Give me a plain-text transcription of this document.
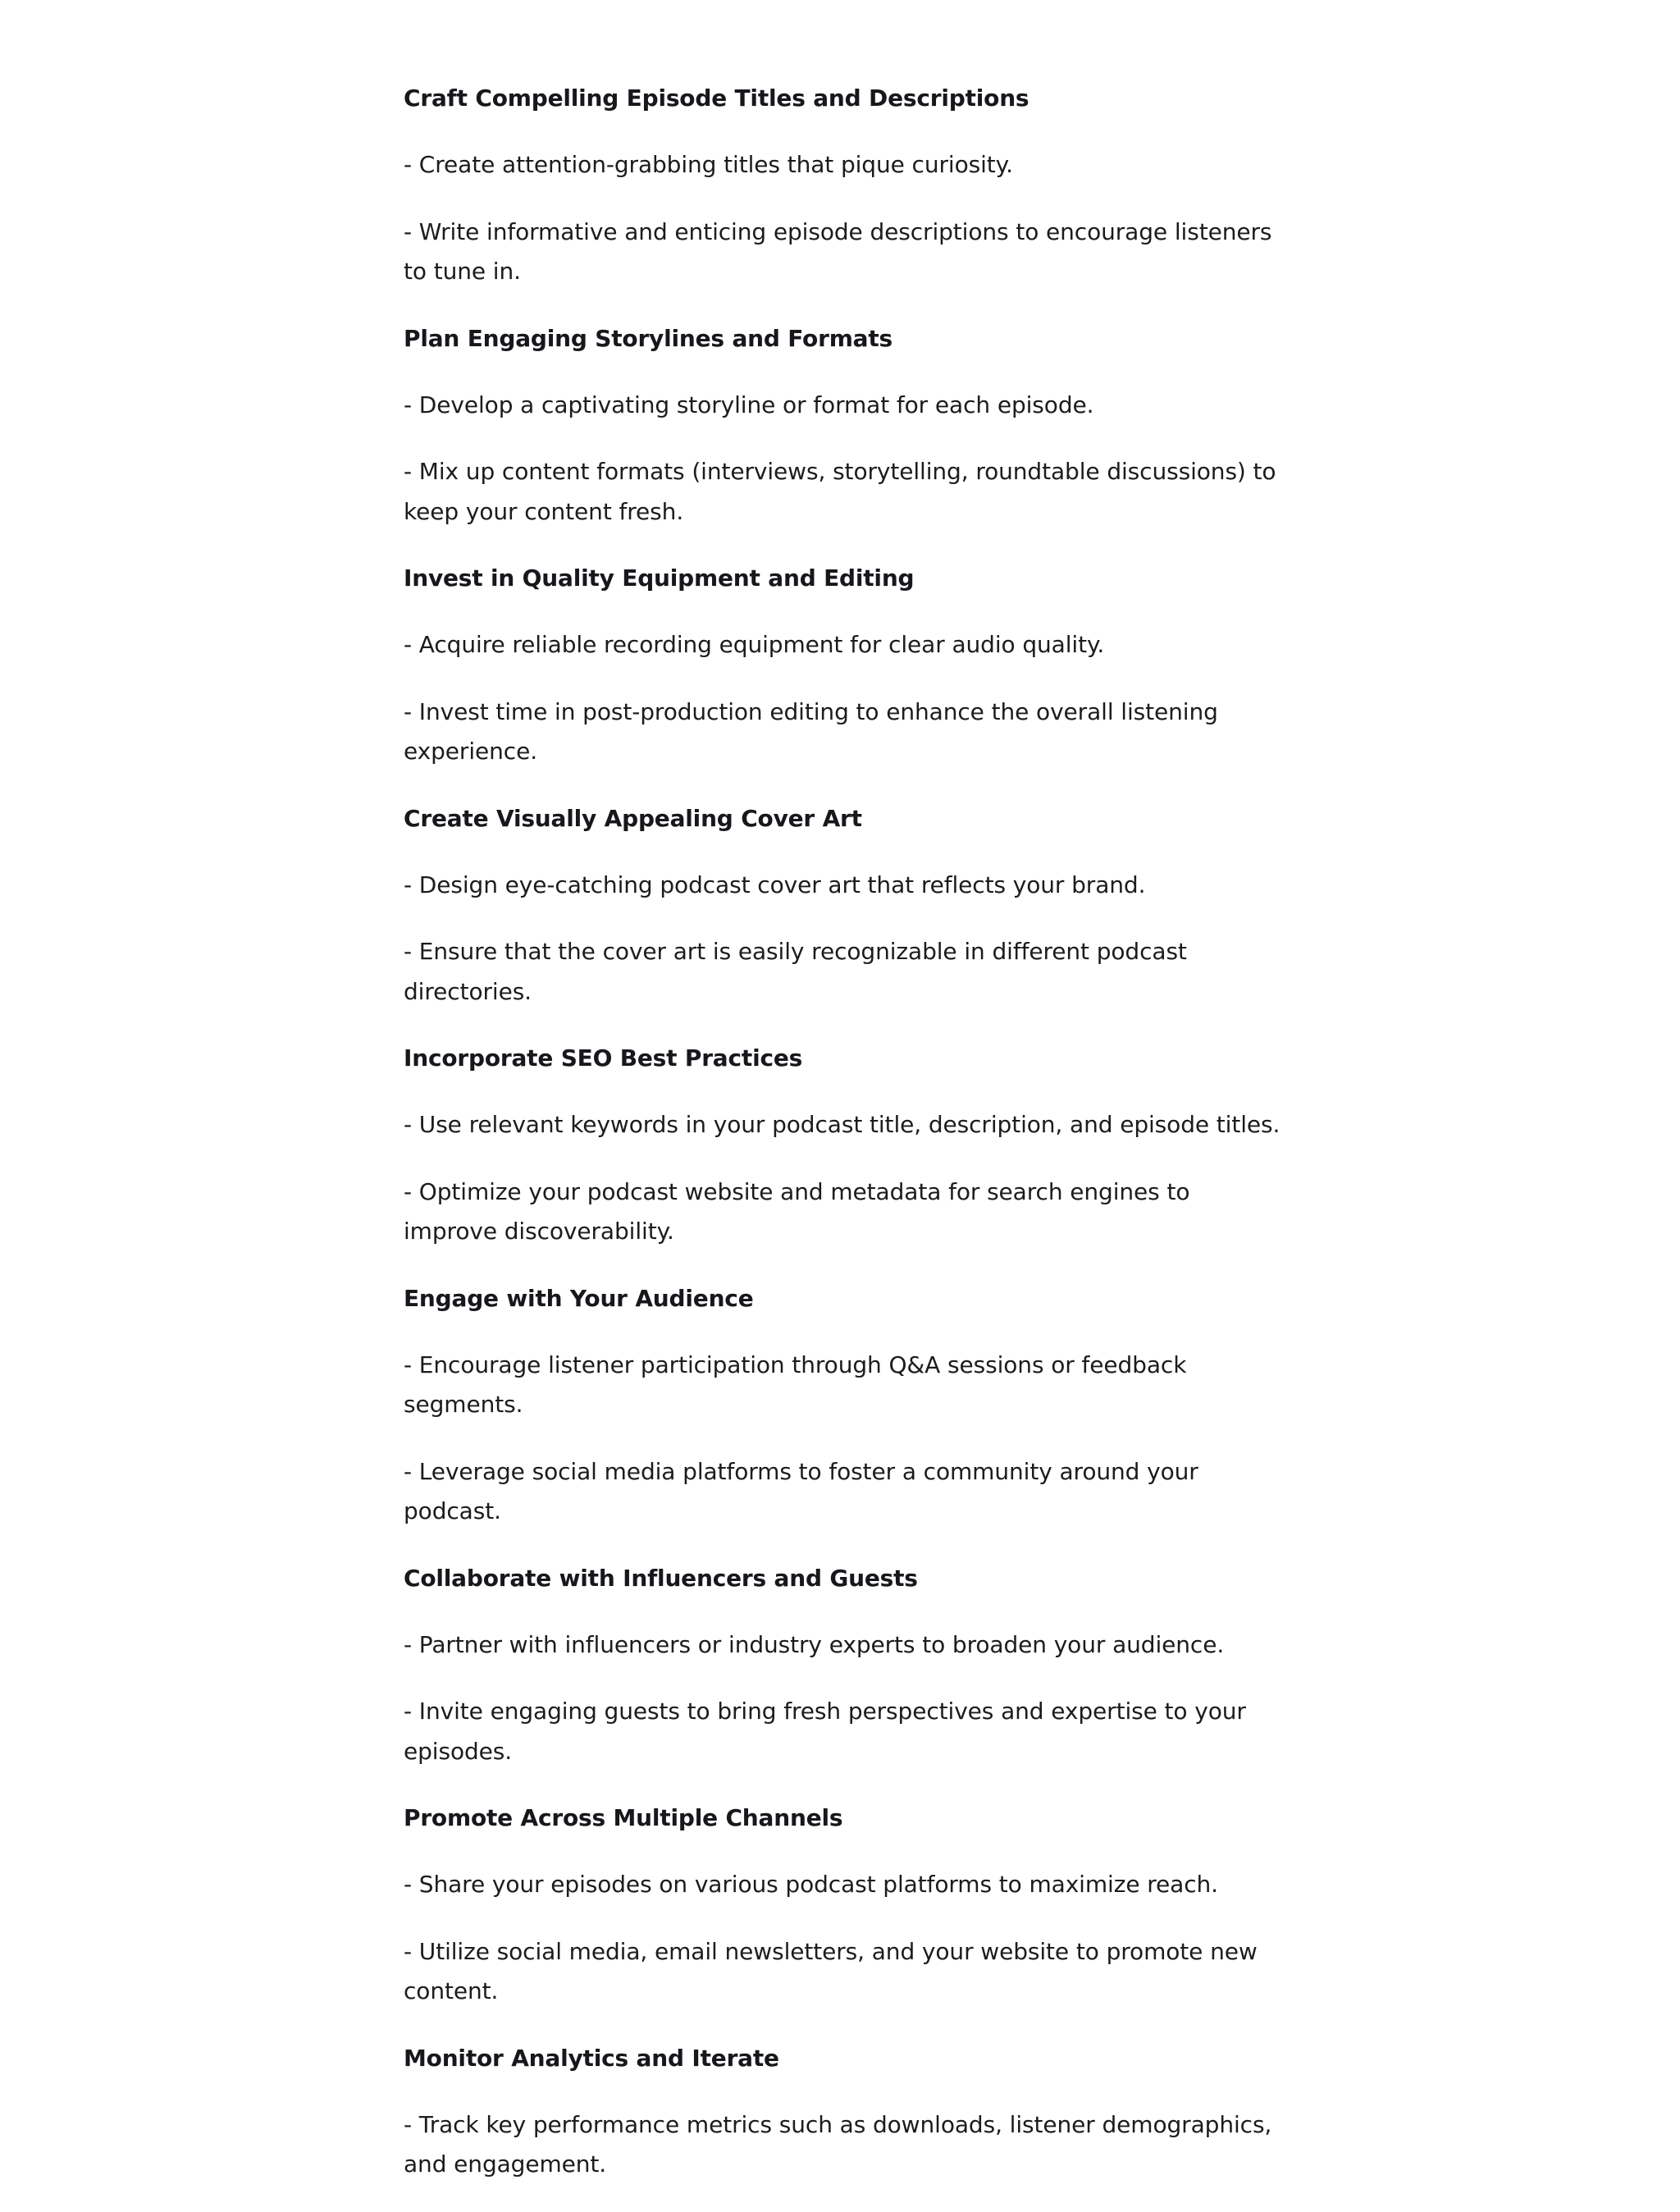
Craft Compelling Episode Titles and Descriptions
- Create attention-grabbing titles that pique curiosity.
- Write informative and enticing episode descriptions to encourage listeners to tune in.
Plan Engaging Storylines and Formats
- Develop a captivating storyline or format for each episode.
- Mix up content formats (interviews, storytelling, roundtable discussions) to keep your content fresh.
Invest in Quality Equipment and Editing
- Acquire reliable recording equipment for clear audio quality.
- Invest time in post-production editing to enhance the overall listening experience.
Create Visually Appealing Cover Art
- Design eye-catching podcast cover art that reflects your brand.
- Ensure that the cover art is easily recognizable in different podcast directories.
Incorporate SEO Best Practices
- Use relevant keywords in your podcast title, description, and episode titles.
- Optimize your podcast website and metadata for search engines to improve discoverability.
Engage with Your Audience
- Encourage listener participation through Q&A sessions or feedback segments.
- Leverage social media platforms to foster a community around your podcast.
Collaborate with Influencers and Guests
- Partner with influencers or industry experts to broaden your audience.
- Invite engaging guests to bring fresh perspectives and expertise to your episodes.
Promote Across Multiple Channels
- Share your episodes on various podcast platforms to maximize reach.
- Utilize social media, email newsletters, and your website to promote new content.
Monitor Analytics and Iterate
- Track key performance metrics such as downloads, listener demographics, and engagement.
